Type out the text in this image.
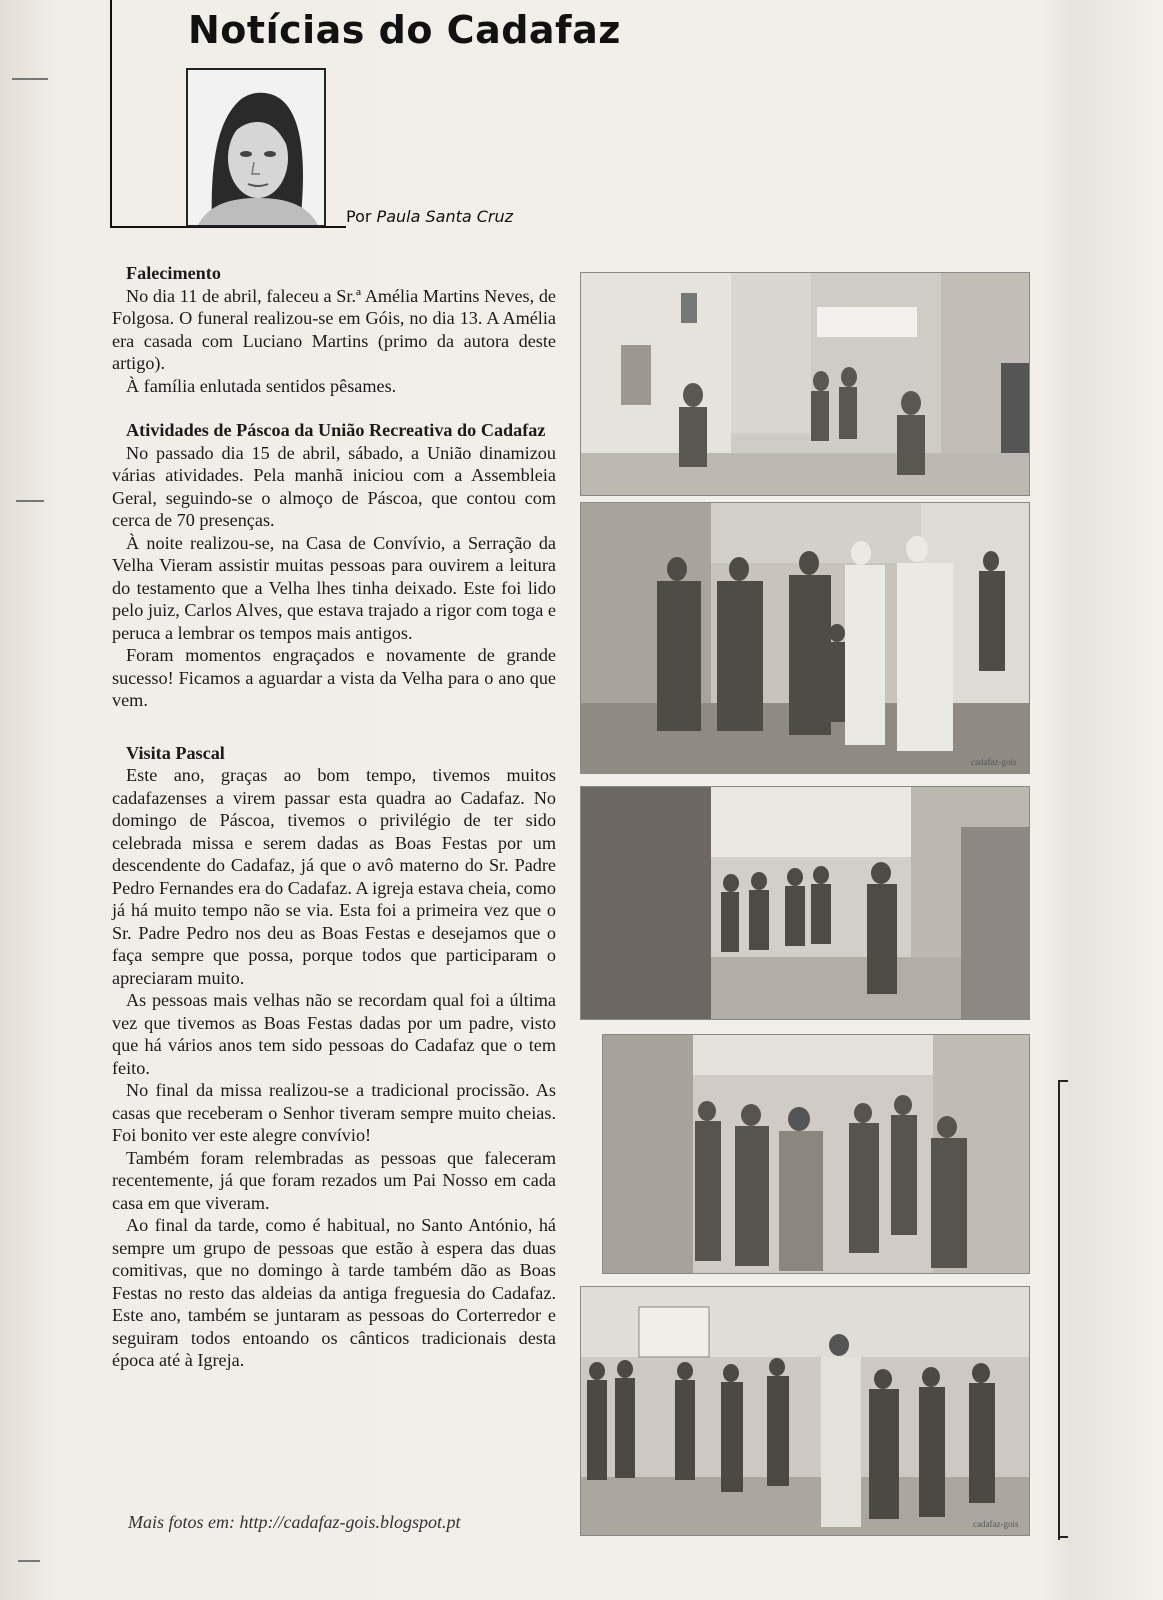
Notícias do Cadafaz

Por Paula Santa Cruz

Falecimento

No dia 11 de abril, faleceu a Sr.ª Amélia Martins Neves, de Folgosa. O funeral realizou-se em Góis, no dia 13. A Amélia era casada com Luciano Martins (primo da autora deste artigo).

À família enlutada sentidos pêsames.

Atividades de Páscoa da União Recreativa do Cadafaz

No passado dia 15 de abril, sábado, a União dinamizou várias atividades. Pela manhã iniciou com a Assembleia Geral, seguindo-se o almoço de Páscoa, que contou com cerca de 70 presenças.

À noite realizou-se, na Casa de Convívio, a Serração da Velha Vieram assistir muitas pessoas para ouvirem a leitura do testamento que a Velha lhes tinha deixado. Este foi lido pelo juiz, Carlos Alves, que estava trajado a rigor com toga e peruca a lembrar os tempos mais antigos.

Foram momentos engraçados e novamente de grande sucesso! Ficamos a aguardar a vista da Velha para o ano que vem.

Visita Pascal

Este ano, graças ao bom tempo, tivemos muitos cadafazenses a virem passar esta quadra ao Cadafaz. No domingo de Páscoa, tivemos o privilégio de ter sido celebrada missa e serem dadas as Boas Festas por um descendente do Cadafaz, já que o avô materno do Sr. Padre Pedro Fernandes era do Cadafaz. A igreja estava cheia, como já há muito tempo não se via. Esta foi a primeira vez que o Sr. Padre Pedro nos deu as Boas Festas e desejamos que o faça sempre que possa, porque todos que participaram o apreciaram muito.

As pessoas mais velhas não se recordam qual foi a última vez que tivemos as Boas Festas dadas por um padre, visto que há vários anos tem sido pessoas do Cadafaz que o tem feito.

No final da missa realizou-se a tradicional procissão. As casas que receberam o Senhor tiveram sempre muito cheias. Foi bonito ver este alegre convívio!

Também foram relembradas as pessoas que faleceram recentemente, já que foram rezados um Pai Nosso em cada casa em que viveram.

Ao final da tarde, como é habitual, no Santo António, há sempre um grupo de pessoas que estão à espera das duas comitivas, que no domingo à tarde também dão as Boas Festas no resto das aldeias da antiga freguesia do Cadafaz. Este ano, também se juntaram as pessoas do Corterredor e seguiram todos entoando os cânticos tradicionais desta época até à Igreja.

Mais fotos em: http://cadafaz-gois.blogspot.pt

cadafaz-gois
cadafaz-gois
